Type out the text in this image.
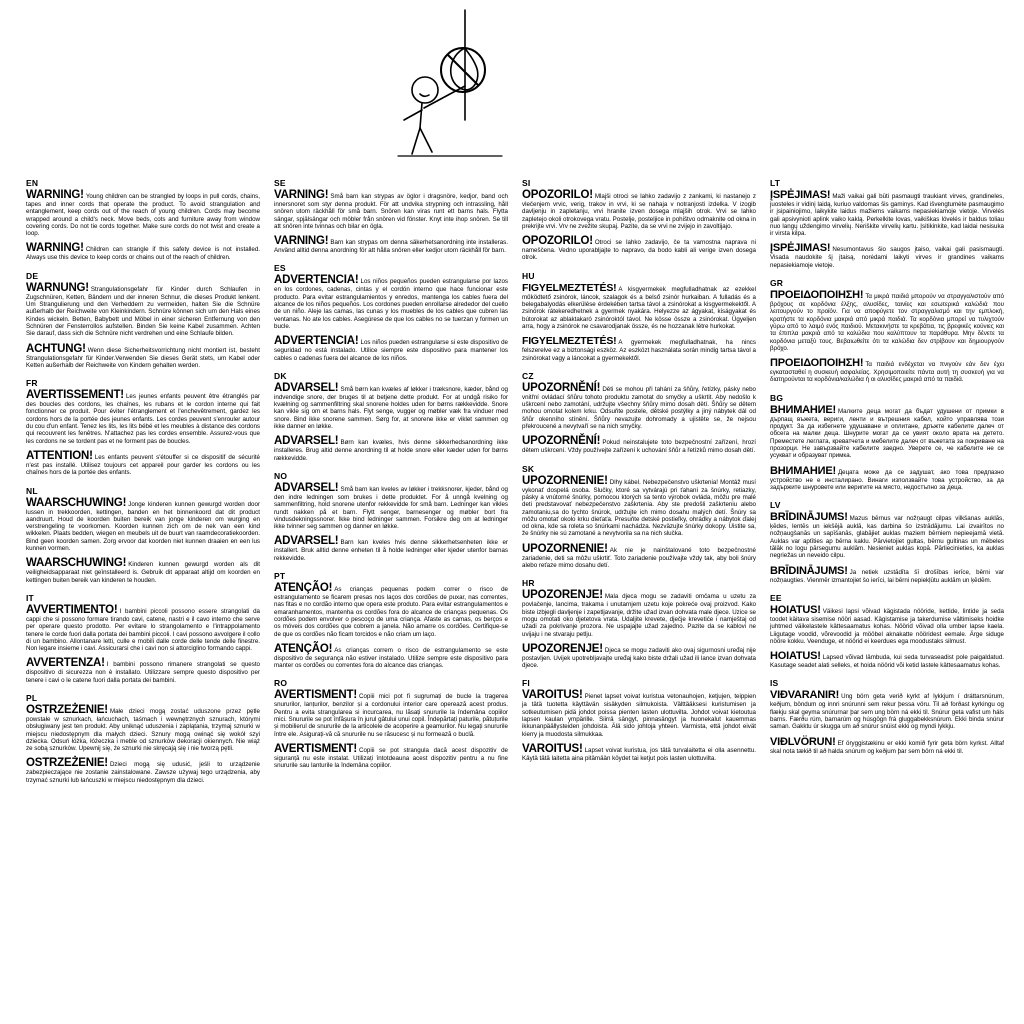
EN

WARNING! Young children can be strangled by loops in pull cords, chains, tapes and inner cords that operate the product. To avoid strangulation and entanglement, keep cords out of the reach of young children. Cords may become wrapped around a child's neck. Move beds, cots and furniture away from window covering cords. Do not tie cords together. Make sure cords do not twist and create a loop.

WARNING! Children can strangle if this safety device is not installed. Always use this device to keep cords or chains out of the reach of children.

DE

WARNUNG! Strangulationsgefahr für Kinder durch Schlaufen in Zugschnüren, Ketten, Bändern und der inneren Schnur, die dieses Produkt lenkent. Um Strangulierung und den Verheddern zu vermeiden, halten Sie die Schnüre außerhalb der Reichweite von Kleinkindern. Schnüre können sich um den Hals eines Kindes wickeln. Betten, Babybett und Möbel in einer sicheren Entfernung von den Schnüren der Fensterrollos aufstellen. Binden Sie keine Kabel zusammen. Achten Sie darauf, dass sich die Schnüre nicht verdrehen und eine Schlaufe bilden.

ACHTUNG! Wenn diese Sicherheitsvorrichtung nicht montiert ist, besteht Strangulationsgefahr für Kinder.Verwenden Sie dieses Gerät stets, um Kabel oder Ketten außerhalb der Reichweite von Kindern gehalten werden.

FR

AVERTISSEMENT! Les jeunes enfants peuvent être étranglés par des boucles des cordons, les chaînes, les rubans et le cordon interne qui fait fonctionner ce produit. Pour éviter l'étranglement et l'enchevêtrement, gardez les cordons hors de la portée des jeunes enfants. Les cordes peuvent s'enrouler autour du cou d'un enfant. Tenez les lits, les lits bébé et les meubles à distance des cordons qui recouvrent les fenêtres. N'attachez pas les cordes ensemble. Assurez-vous que les cordons ne se tordent pas et ne forment pas de boucles.

ATTENTION! Les enfants peuvent s'étouffer si ce dispositif de sécurité n'est pas installé. Utilisez toujours cet appareil pour garder les cordons ou les chaînes hors de la portée des enfants.

NL

WAARSCHUWING! Jonge kinderen kunnen gewurgd worden door lussen in trekkoorden, kettingen, banden en het binnenkoord dat dit product aandruurt. Houd de koorden buiten bereik van jonge kinderen om wurging en verstrengeling te voorkomen. Koorden kunnen zich om de nek van een kind wikkelen. Plaats bedden, wiegen en meubels uit de buurt van raamdecoratiekoorden. Bind geen koorden samen. Zorg ervoor dat koorden niet kunnen draaien en een lus kunnen vormen.

WAARSCHUWING! Kinderen kunnen gewurgd worden als dit veiligheidsapparaat niet geïnstalleerd is. Gebruik dit apparaat altijd om koorden en kettingen buiten bereik van kinderen te houden.

IT

AVVERTIMENTO! I bambini piccoli possono essere strangolati da cappi che si possono formare tirando cavi, catene, nastri e il cavo interno che serve per operare questo prodotto. Per evitare lo strangolamento e l'intrappolamento tenere le corde fuori dalla portata dei bambini piccoli. I cavi possono avvolgere il collo di un bambino. Allontanare letti, culle e mobili dalle corde delle tende delle finestre. Non legare insieme i cavi. Assicurarsi che i cavi non si attorciglino formando cappi.

AVVERTENZA! I bambini possono rimanere strangolati se questo dispositivo di sicurezza non è installato. Utilizzare sempre questo dispositivo per tenere i cavi o le catene fuori dalla portata dei bambini.

PL

OSTRZEŻENIE! Małe dzieci mogą zostać uduszone przez pętle powstałe w sznurkach, łańcuchach, taśmach i wewnętrznych sznurach, którymi obsługiwany jest ten produkt. Aby uniknąć uduszenia i zaplątania, trzymaj sznurki w miejscu niedostępnym dla małych dzieci. Sznury mogą owinąć się wokół szyi dziecka. Odsuń łóżka, łóżeczka i meble od sznurków dekoracji okiennych. Nie wiąż ze sobą sznurków. Upewnij się, że sznurki nie skręcają się i nie tworzą pętli.

OSTRZEŻENIE! Dzieci mogą się udusić, jeśli to urządzenie zabezpieczające nie zostanie zainstalowane. Zawsze używaj tego urządzenia, aby trzymać sznurki lub łańcuszki w miejscu niedostępnym dla dzieci.

SE

VARNING! Små barn kan strypas av öglor i dragsnöre, kedjor, band och innersnoret som styr denna produkt. För att undvika strypning och intrassling, håll snören utom räckhåll för små barn. Snören kan viras runt ett barns hals. Flytta sängar, spjälsängar och möbler från snören vid fönster. Knyt inte ihop snören. Se till att snören inte tvinnas och bilar en ögla.

VARNING! Barn kan strypas om denna säkerhetsanordning inte installeras. Använd alltid denna anordning för att hålla snören eller kedjor utom räckhåll för barn.

ES

ADVERTENCIA! Los niños pequeños pueden estrangularse por lazos en los cordones, cadenas, cintas y el cordón interno que hace funcionar este producto. Para evitar estrangulamientos y enredos, mantenga los cables fuera del alcance de los niños pequeños. Los cordones pueden enrollarse alrededor del cuello de un niño. Aleje las camas, las cunas y los muebles de los cables que cubren las ventanas. No ate los cables. Asegúrese de que los cables no se tuerzan y formen un bucle.

ADVERTENCIA! Los niños pueden estrangularse si este dispositivo de seguridad no está instalado. Utilice siempre este dispositivo para mantener los cables o cadenas fuera del alcance de los niños.

DK

ADVARSEL! Små børn kan kvæles af løkker i træksnore, kæder, bånd og indvendige snore, der bruges til at betjene dette produkt. For at undgå risiko for kvælning og sammenfiltring skal snorene holdes uden for børns rækkevidde. Snore kan vikle sig om et barns hals. Flyt senge, vugger og møbler væk fra vinduer med snore. Bind ikke snorene sammen. Sørg for, at snorene ikke er viklet sammen og ikke danner en løkke.

ADVARSEL! Børn kan kvæles, hvis denne sikkerhedsanordning ikke installeres. Brug altid denne anordning til at holde snore eller kæder uden for børns rækkevidde.

NO

ADVARSEL! Små barn kan kveles av løkker i trekksnorer, kjeder, bånd og den indre ledningen som brukes i dette produktet. For å unngå kvelning og sammenfiltring, hold snorene utenfor rekkevidde for små barn. Ledninger kan vikles rundt nakken på et barn. Flytt senger, barnesenger og møbler bort fra vindusdekningssnorer. Ikke bind ledninger sammen. Forsikre deg om at ledninger ikke tvinner seg sammen og danner en løkke.

ADVARSEL! Barn kan kveles hvis denne sikkerhetsenheten ikke er installert. Bruk alltid denne enheten til å holde ledninger eller kjeder utenfor barnas rekkevidde.

PT

ATENÇÃO! As crianças pequenas podem correr o risco de estrangulamento se ficarem presas nos laços dos cordões de puxar, nas correntes, nas fitas e no cordão interno que opera este produto. Para evitar estrangulamentos e emaranhamentos, mantenha os cordões fora do alcance de crianças pequenas. Os cordões podem envolver o pescoço de uma criança. Afaste as camas, os berços e os móveis dos cordões que cobrem a janela. Não amarre os cordões. Certifique-se de que os cordões não ficam torcidos e não criam um laço.

ATENÇÃO! As crianças correm o risco de estrangulamento se este dispositivo de segurança não estiver instalado. Utilize sempre este dispositivo para manter os cordões ou correntes fora do alcance das crianças.

RO

AVERTISMENT! Copiii mici pot fi sugrumați de bucle la tragerea snururilor, lanțurilor, benzilor și a cordonului interior care operează acest produs. Pentru a evita strangularea si incurcarea, nu lăsați snururile la îndemâna copiilor mici. Snururile se pot înfășura în jurul gâtului unui copil. Îndepărtați paturile, pătuțurile și mobilierul de snururile de la articolele de acoperire a geamurilor. Nu legați snururile între ele. Asigurați-vă că snururile nu se răsucesc și nu formează o buclă.

AVERTISMENT! Copiii se pot strangula dacă acest dispozitiv de siguranță nu este instalat. Utilizați întotdeauna acest dispozitiv pentru a nu fine snururile sau lanturile la îndemâna copiilor.

SI

OPOZORILO! Mlajši otroci se lahko zadavijo z zankami, ki nastanejo z vlečenjem vrvic, verig, trakov in vrvi, ki se nahaja v notranjosti izdelka. V izogib davljenju in zapletanju, vrvi hranite izven dosega mlajših otrok. Vrvi se lahko zapletejo okoli otrokovega vratu. Postelje, posteljice in pohištvo odmaknite od okna in prekrijte vrvi. Vrv ne zvežite skupaj. Pazite, da se vrvi ne zvijejo in zavoltijajo.

OPOZORILO! Otroci se lahko zadavijo, če ta varnostna naprava ni nameščena. Vedno uporabljajte to napravo, da bodo kabli ali verige izven dosega otrok.

HU

FIGYELMEZTETÉS! A kisgyermekek megfulladhatnak az ezekkel működtető zsinórok, láncok, szalagok és a belső zsinór hurkaiban. A fulladás és a belegabalyodás elkerülése érdekében tartsa távol a zsinórokat a kisgyermekektől. A zsinórok rátekeredhetnek a gyermek nyakára. Helyezze az ágyakat, kiságyakat és bútorokat az ablaktakaró zsinóroktól távol. Ne kösse össze a zsinórokat. Ügyeljen arra, hogy a zsinórok ne csavarodjanak össze, és ne hozzanak létre hurkokat.

FIGYELMEZTETÉS! A gyermekek megfulladhatnak, ha nincs felszerelve ez a biztonsági eszköz. Az eszközt használata során mindig tartsa távol a zsinórokat vagy a láncokat a gyermekektől.

CZ

UPOZORNĚNÍ! Děti se mohou při tahání za šňůry, řetízky, pásky nebo vnitřní ovládací šňůru tohoto produktu zamotat do smyčky a uškrtit. Aby nedošlo k uškrcení nebo zamotání, udržujte všechny šňůry mimo dosah dětí. Šňůry se dětem mohou omotat kolem krku. Odsuňte postele, dětské postýlky a jiný nábytek dál od šňůr okenního stínění. Šňůry nevazujte dohromady a ujistěte se, že nejsou překroucené a nevytvaří se na nich smyčky.

UPOZORNĚNÍ! Pokud neinstalujete toto bezpečnostní zařízení, hrozí dětem uškrcení. Vždy používejte zařízení k uchování šňůr a řetízků mimo dosah dětí.

SK

UPOZORNENIE! Dlhy kábel. Nebezpečenstvo uškrtenia! Montáž musí vykonať dospelá osoba. Slučky, ktoré sa vytvárajú pri ťahaní za šnúrky, retiazky, pásky a vnútorné šnúrky, pomocou ktorých sa tento výrobok ovláda, môžu pre malé deti predstavovať nebezpečenstvo zaškrtenia. Aby ste predošli zaškrteniu alebo zamotaniu,sa do tychto šnúrok, udržujte ich mimo dosahu malých detí. Šnúry sa môžu omotať okolo krku dieťaťa. Presuňte detské postieľky, ohrádky a nábytok ďalej od okna, kde sa roleta so šnúrkami nachádza. Nezväzujte šnúrky dokopy. Uistite sa, že šnúrky nie sú zamotané a nevytvorila sa na nich slučka.

UPOZORNENIE! Ak nie je nainštalované toto bezpečnostné zariadenie, deti sa môžu uškrtiť. Toto zariadenie používajte vždy tak, aby boli šnúry alebo reťaze mimo dosahu detí.

HR

UPOZORENJE! Mala djeca mogu se zadaviti omčama u uzetu za povlačenje, lancima, trakama i unutarnjem uzetu koje pokreće ovaj proizvod. Kako biste izbjegli davljenje i zapetljavanje, držite užad izvan dohvata male djece. Uzice se mogu omotati oko djetetova vrata. Udaljite krevete, dječje krevetiće i namještaj od užadi za pokrivanje prozora. Ne uspajajte užad zajedno. Pazite da se kablovi ne uvijaju i ne stvaraju petlju.

UPOZORENJE! Djeca se mogu zadaviti ako ovaj sigurnosni uređaj nije postavljen. Uvijek upotrebljavajte uređaj kako biste držali užad ili lance izvan dohvata djece.

FI

VAROITUS! Pienet lapset voivat kuristua vetonauhojen, ketjujen, teippien ja tätä tuotetta käyttävän sisäkyden silmukoista. Välttääksesi kuristumisen ja sotkeutumisen pidä johdot poissa pienten lasten ulottuvilta. Johdot voivat kietoutua lapsen kaulan ympärille. Siirrä sängyt, pinnasängyt ja huonekalut kauemmas ikkunanpäällysteiden johdoista. Älä sido johtoja yhteen. Varmista, että johdot eivät kierry ja muodosta silmukkaa.

VAROITUS! Lapset voivat kuristua, jos tätä turvalaitetta ei olla asennettu. Käytä tätä laitetta aina pitämään köydet tai ketjut pois lasten ulottuvilta.

LT

ĮSPĖJIMAS! Maži vaikai gali būti pasmaugti traukiant virves, grandineles, juosteles ir vidinį laidą, kuriuo valdomas šis gaminys. Kad išvengtumėte pasmaugimo ir įsipainiojimo, laikykite laidus mažiems vaikams nepasiekiamoje vietoje. Virvelės gali apsivynioti aplink vaiko kaklą. Perkelkite lovas, vaikiškas lóvelés ir baldus toliau nuo langų uždengimo virvelių. Neriškite virvelių kartu. Įsitikinkite, kad laidai nesisuka ir virsta kilpa.

ĮSPĖJIMAS! Nesumontavus šio saugos įtaiso, vaikai gali pasismaugti. Visada naudokite šį įtaisą, norėdami laikyti virves ir grandines vaikams nepasiekiamoje vietoje.

GR

ΠΡΟΕΙΔΟΠΟΙΗΣΗ! Τα μικρά παιδιά μπορούν να στραγγαλιστούν από βρόχους σε κορδόνια έλξης, αλυσίδες, ταινίες και εσωτερικά καλώδιά που λειτουργούν το προϊόν. Για να αποφύγετε τον στραγγαλισμό και την εμπλοκή, κρατήστε τα κορδόνια μακριά από μικρά παιδιά. Τα κορδόνια μπορεί να τυλιχτούν γύρω από το λαιμό ενός παιδιού. Μετακινήστε τα κρεβάτια, τις βρεφικές κούνιες και τα έπιπλα μακριά από τα καλώδια που καλύπτουν τα παράθυρα. Μην δένετε τα κορδόνια μεταξύ τους. Βεβαιωθείτε ότι τα καλώδια δεν στρίβουν και δημιουργούν βρόχο.

ΠΡΟΕΙΔΟΠΟΙΗΣΗ! Τα παιδιά ενδέχεται να πνιγούν εάν δεν έχει εγκατασταθεί η συσκευή ασφαλείας. Χρησιμοποιείτε πάντα αυτή τη συσκευή για να διατηρούνται τα κορδόνια/καλώδια ή οι αλυσίδες μακριά από τα παιδιά.

BG

ВНИМАНИЕ! Малките деца могат да бъдат удушени от примки в дърпащ въжета, вериги, ленти и вътрешния кабел, който управлява този продукт. За да избегнете удушаване и оплитане, дръжте кабелите далеч от обсега на малки деца. Шнурите могат да се увият около врата на детето. Преместете леглата, креватчета и мебелите далеч от въжетата за покриване на прозорци. Не завързвайте кабелите заедно. Уверете се, че кабелите не се усукват и образуват примка.

ВНИМАНИЕ! Децата може да се задушат, ако това предпазно устройство не е инсталирано. Винаги използвайте това устройство, за да задържите шнуровете или веригите на място, недостъпно за деца.

LV

BRĪDINĀJUMS! Mazus bērnus var nožņaugt cilpas vilkšanas auklās, ķēdes, lentēs un iekšējā auklā, kas darbina šo izstrādājumu. Lai izvairītos no nožņaugšanās un sapīšanās, glabājiet auklas maziem bērniem nepieejamā vietā. Auklas var aptīties ap bērna kaklu. Pārvietojiet gultas, bērnu gultinas un mēbeles tālāk no logu pārsegumu auklām. Nesieniet auklas kopā. Pārliecinieties, ka auklas negriežas un neveido cilpu.

BRĪDINĀJUMS! Ja netiek uzstādīta šī drošības ierīce, bērni var nožņaugties. Vienmēr izmantojiet šo ierīci, lai bērni nepiekļūtu auklām un ķēdēm.

EE

HOIATUS! Väikesi lapsi võivad kägistada nööride, kettide, lintide ja seda toodet käitava sisemise nööri aasad. Kägistamise ja takerdumise vältimiseks hoidke juhtmed väikelastele kättesaamatus kohas. Nöörid võivad olla umber lapse kaela. Liigutage voodid, võrevoodid ja mööbel aknakatte nööridest eemale. Ärge siduge nööre kokku. Veenduge, et nöörid ei keerdues ega moodustaks silmust.

HOIATUS! Lapsed võivad lämbuda, kui seda turvaseadist pole paigaldatud. Kasutage seadet alati selleks, et hoida nöörid või ketid lastele kättesaamatus kohas.

IS

VIÐVARANIR! Ung börn geta verið kyrkt af lykkjum í dráttarsnúrum, keðjum, böndum og innri snúrunni sem rekur þessa vöru. Til að forðast kyrkingu og flækju skal geyma snúrurnar þar sem ung börn ná ekki til. Snúrur geta vafist um háls barns. Færðu rúm, barnarúm og húsgögn frá gluggabekksnúrum. Ekki binda snúrur saman. Gakktu úr skugga um að snúrur snúist ekki og myndi lykkju.

VIÐLVÖRUN! Ef öryggistækinu er ekki komið fyrir geta börn kyrkst. Alltaf skal nota tækið til að halda snúrum og keðjum þar sem börn ná ekki til.
